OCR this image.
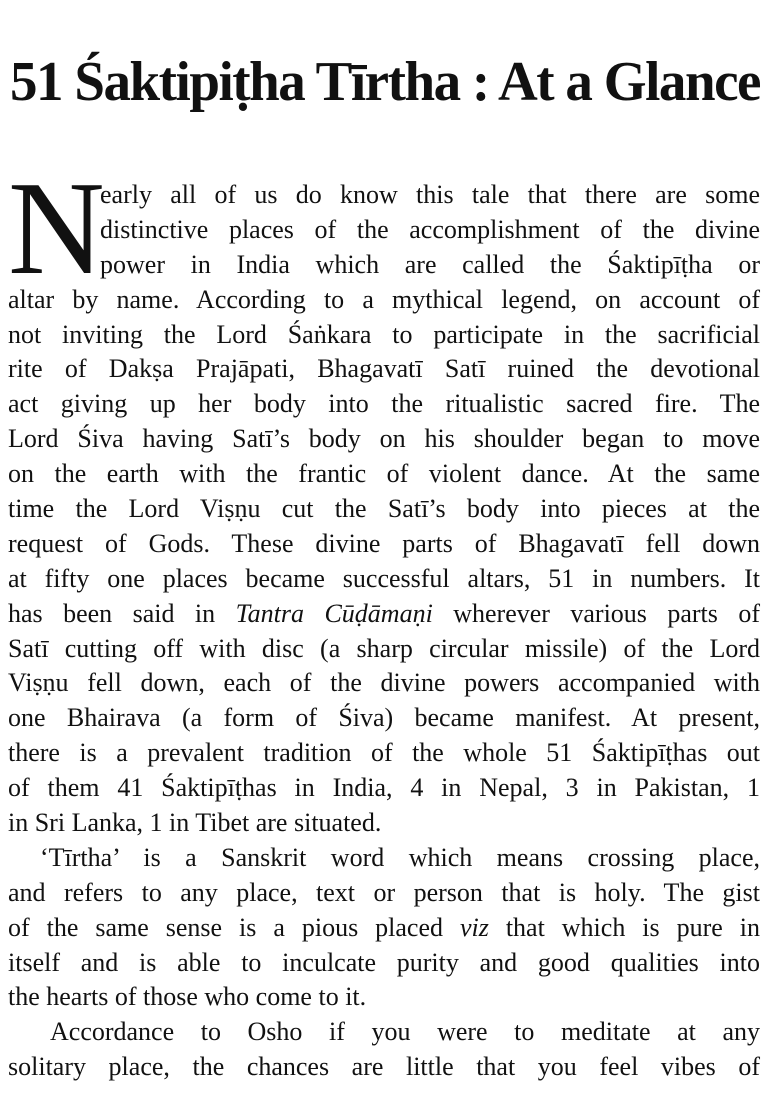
51 Śaktipiṭha Tīrtha : At a Glance
N
early all of us do know this tale that there are some
distinctive places of the accomplishment of the divine
power in India which are called the Śaktipīṭha or
altar by name. According to a mythical legend, on account of
not inviting the Lord Śaṅkara to participate in the sacrificial
rite of Dakṣa Prajāpati, Bhagavatī Satī ruined the devotional
act giving up her body into the ritualistic sacred fire. The
Lord Śiva having Satī’s body on his shoulder began to move
on the earth with the frantic of violent dance. At the same
time the Lord Viṣṇu cut the Satī’s body into pieces at the
request of Gods. These divine parts of Bhagavatī fell down
at fifty one places became successful altars, 51 in numbers. It
has been said in Tantra Cūḍāmaṇi wherever various parts of
Satī cutting off with disc (a sharp circular missile) of the Lord
Viṣṇu fell down, each of the divine powers accompanied with
one Bhairava (a form of Śiva) became manifest. At present,
there is a prevalent tradition of the whole 51 Śaktipīṭhas out
of them 41 Śaktipīṭhas in India, 4 in Nepal, 3 in Pakistan, 1
in Sri Lanka, 1 in Tibet are situated.
‘Tīrtha’ is a Sanskrit word which means crossing place,
and refers to any place, text or person that is holy. The gist
of the same sense is a pious placed viz that which is pure in
itself and is able to inculcate purity and good qualities into
the hearts of those who come to it.
Accordance to Osho if you were to meditate at any
solitary place, the chances are little that you feel vibes of
